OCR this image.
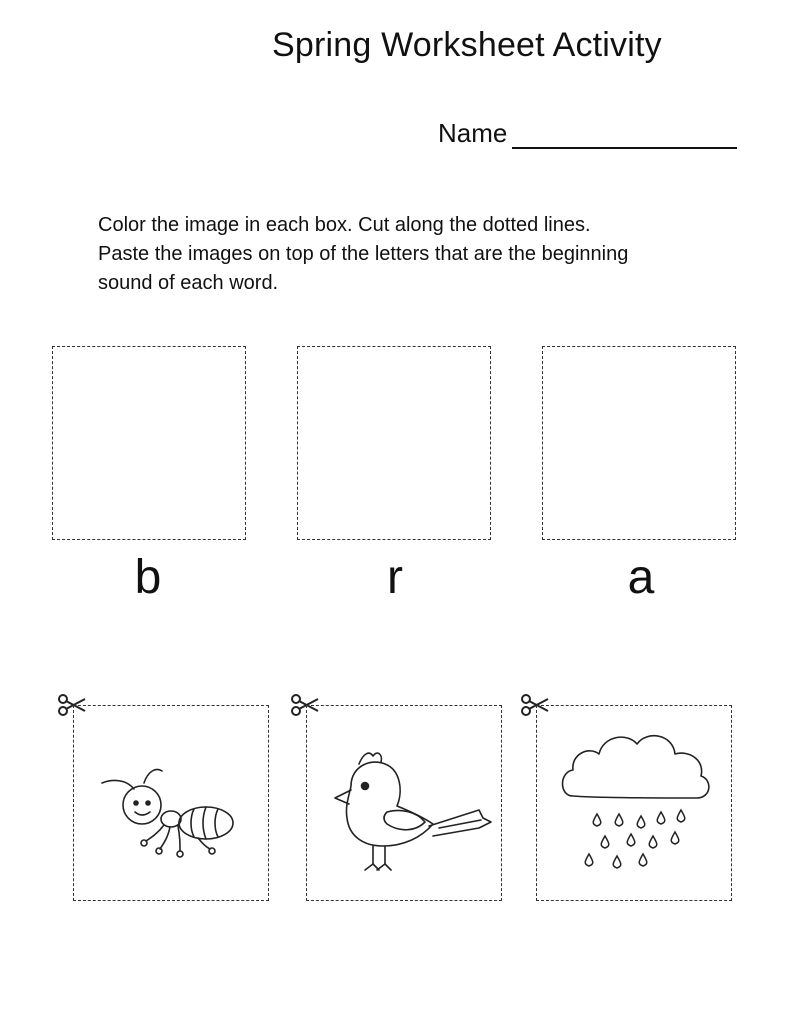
Spring Worksheet Activity
Name
Color the image in each box. Cut along the dotted lines.
Paste the images on top of the letters that are the beginning
sound of each word.
b	r	a
